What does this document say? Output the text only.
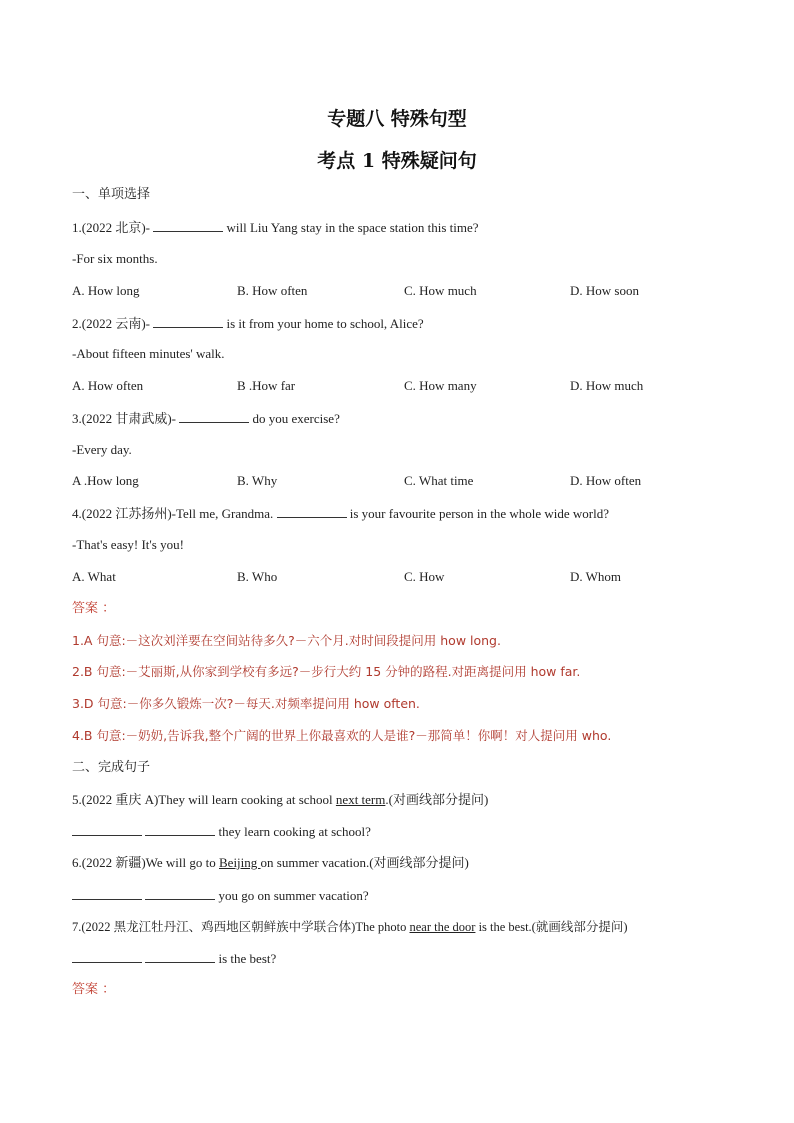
专题八 特殊句型
考点 1 特殊疑问句
一、单项选择
1.(2022 北京)-	will Liu Yang stay in the space station this time?
-For six months.
A. How long	B. How often	C. How much	D. How soon
2.(2022 云南)-	is it from your home to school, Alice?
-About fifteen minutes' walk.
A. How often	B .How far	C. How many	D. How much
3.(2022 甘肃武威)-	do you exercise?
-Every day.
A .How long	B. Why	C. What time	D. How often
4.(2022 江苏扬州)-Tell me, Grandma.	is your favourite person in the whole wide world?
-That's easy! It's you!
A. What	B. Who	C. How	D. Whom
答案 ：
1.A 句意:－这次刘洋要在空间站待多久?－六个月.对时间段提问用 how long.
2.B 句意:－艾丽斯,从你家到学校有多远?－步行大约 15 分钟的路程.对距离提问用 how far.
3.D 句意:－你多久锻炼一次?－每天.对频率提问用 how often.
4.B 句意:－奶奶,告诉我,整个广阔的世界上你最喜欢的人是谁?－那简单！你啊！对人提问用 who.
二、完成句子
5.(2022 重庆 A)They will learn cooking at school next term.(对画线部分提问)
they learn cooking at school?
6.(2022 新疆)We will go to Beijing on summer vacation.(对画线部分提问)
you go on summer vacation?
7.(2022 黑龙江牡丹江、鸡西地区朝鲜族中学联合体)The photo near the door is the best.(就画线部分提问)
is the best?
答案 ：
